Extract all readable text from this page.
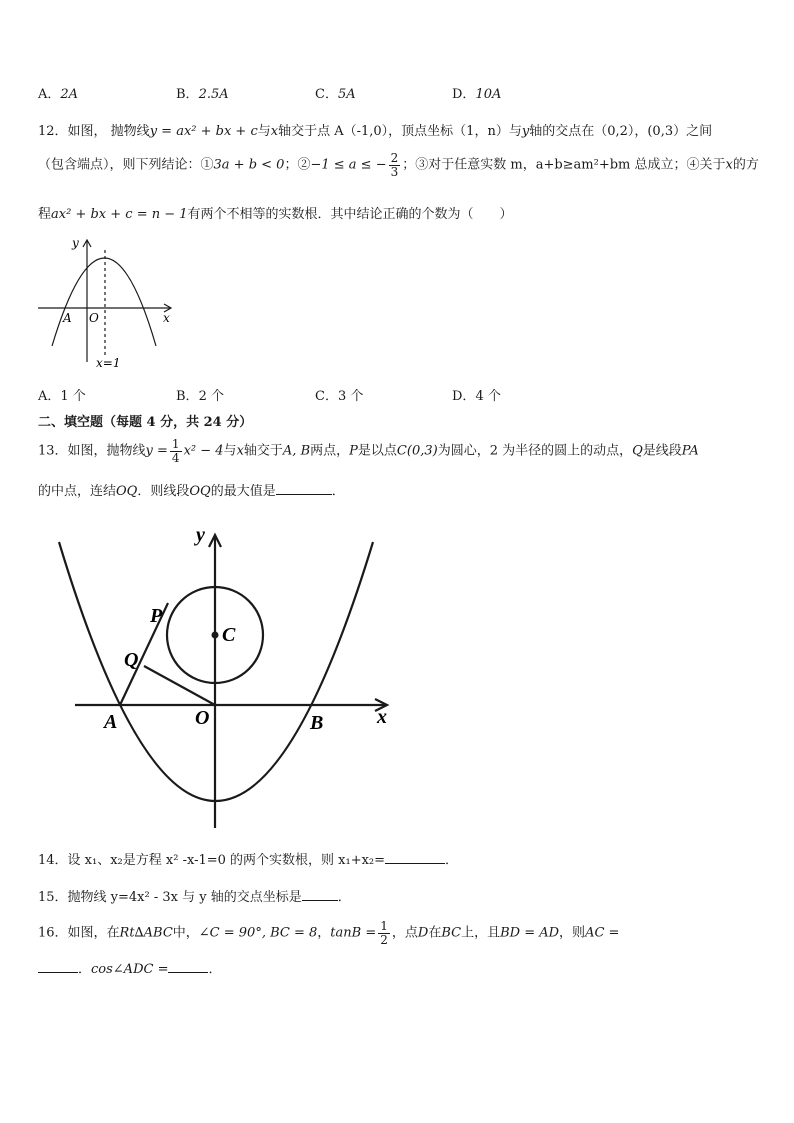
A．2A	B．2.5A	C．5A	D．10A
12．如图， 抛物线y = ax² + bx + c与x轴交于点 A（-1,0），顶点坐标（1，n）与y轴的交点在（0,2），(0,3）之间
（包含端点），则下列结论：①3a + b < 0；②−1 ≤ a ≤ − $\frac{2}{3}$ ；③对于任意实数 m，a+b≥am²+bm 总成立；④关于x的方
程ax² + bx + c = n − 1有两个不相等的实数根．其中结论正确的个数为（　　）
y
A O	x
x=1
A．1 个	B．2 个	C．3 个	D．4 个
二、填空题（每题 4 分，共 24 分）
13．如图，抛物线$y = \frac{1}{4} x^2 - 4$与x轴交于A, B两点，P是以点C(0,3)为圆心，2 为半径的圆上的动点，Q是线段PA
的中点，连结OQ．则线段OQ的最大值是	．
y
P
C
Q
A	O	B	x
14．设 x₁、x₂是方程 x² -x-1=0 的两个实数根，则 x₁+x₂=	．
15．抛物线 y=4x² - 3x 与 y 轴的交点坐标是	．
16．如图，在Rt∆ABC中，∠C = 90°, BC = 8，$\tan B = \frac{1}{2}$ ，点D在BC上，且BD = AD，则AC =
．cos∠ADC =	．
